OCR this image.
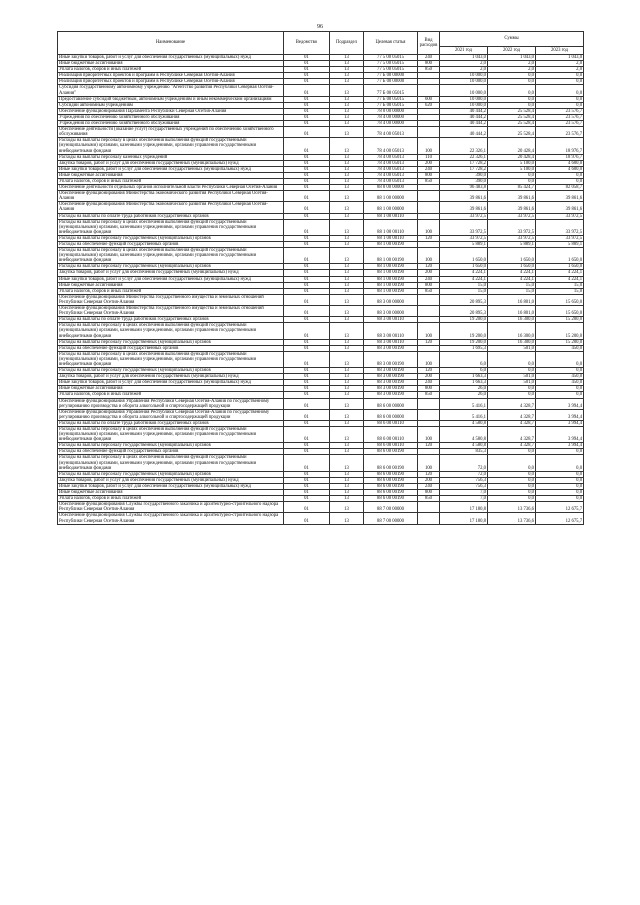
96
Наименование	Ведомство	Подраздел	Целевая статья	Вид расходов	Суммы		
					2021 год	2022 год	2023 год
Иные закупки товаров, работ и услуг для обеспечения государственных (муниципальных) нужд	01	13	77 5 00 05015	240	1 043,0	1 043,0	1 043,0
Иные бюджетные ассигнования	01	13	77 5 00 05015	800	2,0	2,0	2,0
Уплата налогов, сборов и иных платежей	01	13	77 5 00 05015	850	2,0	2,0	2,0
Реализация приоритетных проектов и программ в Республике Северная Осетия-Алания	01	13	77 Б 00 00000		10 000,0	0,0	0,0
Реализация приоритетных проектов и программ в Республике Северная Осетия-Алания	01	13	77 Б 00 00000		10 000,0	0,0	0,0
Субсидия государственному автономному учреждению "Агентство развития Республики Северная Осетия-Алания"	01	13	77 Б 00 05015		10 000,0	0,0	0,0
Предоставление субсидий бюджетным, автономным учреждениям и иным некоммерческим организациям	01	13	77 Б 00 05015	600	10 000,0	0,0	0,0
Субсидии автономным учреждениям	01	13	77 Б 00 05015	620	10 000,0	0,0	0,0
Обеспечение функционирования Парламента Республики Северная Осетия-Алания	01	13	78 0 00 00000		40 444,2	25 528,4	23 576,7
Учреждения по обеспечению хозяйственного обслуживания	01	13	78 4 00 00000		40 444,2	25 528,4	23 576,7
Учреждения по обеспечению хозяйственного обслуживания	01	13	78 4 00 00000		40 444,2	25 528,4	23 576,7
Обеспечение деятельности (оказание услуг) государственных учреждений по обеспечению хозяйственного обслуживания	01	13	78 4 00 05013		40 444,2	25 528,4	23 576,7
Расходы на выплаты персоналу в целях обеспечения выполнения функций государственными (муниципальными) органами, казенными учреждениями, органами управления государственными внебюджетными фондами	01	13	78 4 00 05013	100	22 326,1	20 428,4	18 976,7
Расходы на выплаты персоналу казенных учреждений	01	13	78 4 00 05013	110	22 326,1	20 428,4	18 976,7
Закупка товаров, работ и услуг для обеспечения государственных (муниципальных) нужд	01	13	78 4 00 05013	200	17 728,2	5 100,0	4 600,0
Иные закупки товаров, работ и услуг для обеспечения государственных (муниципальных) нужд	01	13	78 4 00 05013	240	17 728,2	5 100,0	4 600,0
Иные бюджетные ассигнования	01	13	78 4 00 05013	800	390,0	0,0	0,0
Уплата налогов, сборов и иных платежей	01	13	78 4 00 05013	850	390,0	0,0	0,0
Обеспечение деятельности отдельных органов исполнительной власти Республики Северная Осетия-Алания	01	13	88 0 00 00000		96 483,8	85 424,7	82 058,7
Обеспечение функционирования Министерства экономического развития Республики Северная Осетия-Алания	01	13	88 1 00 00000		39 861,6	39 861,6	39 861,6
Обеспечение функционирования Министерства экономического развития Республики Северная Осетия-Алания	01	13	88 1 00 00000		39 861,6	39 861,6	39 861,6
Расходы на выплаты по оплате труда работников государственных органов	01	13	88 1 00 00110		33 972,5	33 972,5	33 972,5
Расходы на выплаты персоналу в целях обеспечения выполнения функций государственными (муниципальными) органами, казенными учреждениями, органами управления государственными внебюджетными фондами	01	13	88 1 00 00110	100	33 972,5	33 972,5	33 972,5
Расходы на выплаты персоналу государственных (муниципальных) органов	01	13	88 1 00 00110	120	33 972,5	33 972,5	33 972,5
Расходы на обеспечение функций государственных органов	01	13	88 1 00 00190		5 889,1	5 889,1	5 889,1
Расходы на выплаты персоналу в целях обеспечения выполнения функций государственными (муниципальными) органами, казенными учреждениями, органами управления государственными внебюджетными фондами	01	13	88 1 00 00190	100	1 650,0	1 650,0	1 650,0
Расходы на выплаты персоналу государственных (муниципальных) органов	01	13	88 1 00 00190	120	1 650,0	1 650,0	1 650,0
Закупка товаров, работ и услуг для обеспечения государственных (муниципальных) нужд	01	13	88 1 00 00190	200	4 224,1	4 224,1	4 224,1
Иные закупки товаров, работ и услуг для обеспечения государственных (муниципальных) нужд	01	13	88 1 00 00190	240	4 224,1	4 224,1	4 224,1
Иные бюджетные ассигнования	01	13	88 1 00 00190	800	15,0	15,0	15,0
Уплата налогов, сборов и иных платежей	01	13	88 1 00 00190	850	15,0	15,0	15,0
Обеспечение функционирования Министерства государственного имущества и земельных отношений Республики Северная Осетия-Алания	01	13	88 3 00 00000		20 895,3	16 801,0	15 650,0
Обеспечение функционирования Министерства государственного имущества и земельных отношений Республики Северная Осетия-Алания	01	13	88 3 00 00000		20 895,3	16 801,0	15 650,0
Расходы на выплаты по оплате труда работников государственных органов	01	13	88 3 00 00110		19 200,0	16 300,0	15 200,0
Расходы на выплаты персоналу в целях обеспечения выполнения функций государственными (муниципальными) органами, казенными учреждениями, органами управления государственными внебюджетными фондами	01	13	88 3 00 00110	100	19 200,0	16 300,0	15 200,0
Расходы на выплаты персоналу государственных (муниципальных) органов	01	13	88 3 00 00110	120	19 200,0	16 300,0	15 200,0
Расходы на обеспечение функций государственных органов	01	13	88 3 00 00190		1 695,3	501,0	450,0
Расходы на выплаты персоналу в целях обеспечения выполнения функций государственными (муниципальными) органами, казенными учреждениями, органами управления государственными внебюджетными фондами	01	13	88 3 00 00190	100	6,0	0,0	0,0
Расходы на выплаты персоналу государственных (муниципальных) органов	01	13	88 3 00 00190	120	6,0	0,0	0,0
Закупка товаров, работ и услуг для обеспечения государственных (муниципальных) нужд	01	13	88 3 00 00190	200	1 663,3	501,0	450,0
Иные закупки товаров, работ и услуг для обеспечения государственных (муниципальных) нужд	01	13	88 3 00 00190	240	1 663,3	501,0	450,0
Иные бюджетные ассигнования	01	13	88 3 00 00190	800	26,0	0,0	0,0
Уплата налогов, сборов и иных платежей	01	13	88 3 00 00190	850	26,0	0,0	0,0
Обеспечение функционирования Управления Республики Северная Осетия-Алания по государственному регулированию производства и оборота алкогольной и спиртосодержащей продукции	01	13	88 6 00 00000		5 416,1	4 328,7	3 994,4
Обеспечение функционирования Управления Республики Северная Осетия-Алания по государственному регулированию производства и оборота алкогольной и спиртосодержащей продукции	01	13	88 6 00 00000		5 416,1	4 328,7	3 994,4
Расходы на выплаты по оплате труда работников государственных органов	01	13	88 6 00 00110		4 580,8	4 328,7	3 994,4
Расходы на выплаты персоналу в целях обеспечения выполнения функций государственными (муниципальными) органами, казенными учреждениями, органами управления государственными внебюджетными фондами	01	13	88 6 00 00110	100	4 580,8	4 328,7	3 994,4
Расходы на выплаты персоналу государственных (муниципальных) органов	01	13	88 6 00 00110	120	4 580,8	4 328,7	3 994,4
Расходы на обеспечение функций государственных органов	01	13	88 6 00 00190		835,3	0,0	0,0
Расходы на выплаты персоналу в целях обеспечения выполнения функций государственными (муниципальными) органами, казенными учреждениями, органами управления государственными внебюджетными фондами	01	13	88 6 00 00190	100	72,0	0,0	0,0
Расходы на выплаты персоналу государственных (муниципальных) органов	01	13	88 6 00 00190	120	72,0	0,0	0,0
Закупка товаров, работ и услуг для обеспечения государственных (муниципальных) нужд	01	13	88 6 00 00190	200	756,3	0,0	0,0
Иные закупки товаров, работ и услуг для обеспечения государственных (муниципальных) нужд	01	13	88 6 00 00190	240	756,3	0,0	0,0
Иные бюджетные ассигнования	01	13	88 6 00 00190	800	7,0	0,0	0,0
Уплата налогов, сборов и иных платежей	01	13	88 6 00 00190	850	7,0	0,0	0,0
Обеспечение функционирования Службы государственного заказчика и архитектурно-строительного надзора Республики Северная Осетия-Алания	01	13	88 7 00 00000		17 180,8	13 736,6	12 675,7
Обеспечение функционирования Службы государственного заказчика и архитектурно-строительного надзора Республики Северная Осетия-Алания	01	13	88 7 00 00000		17 180,8	13 736,6	12 675,7
